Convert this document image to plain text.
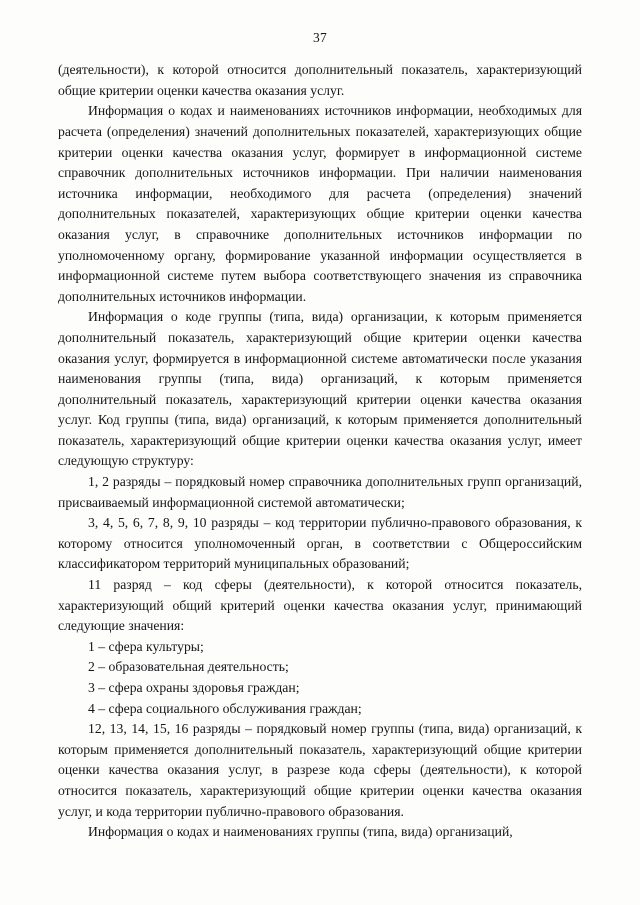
37

(деятельности), к которой относится дополнительный показатель, характеризующий общие критерии оценки качества оказания услуг.

Информация о кодах и наименованиях источников информации, необходимых для расчета (определения) значений дополнительных показателей, характеризующих общие критерии оценки качества оказания услуг, формирует в информационной системе справочник дополнительных источников информации. При наличии наименования источника информации, необходимого для расчета (определения) значений дополнительных показателей, характеризующих общие критерии оценки качества оказания услуг, в справочнике дополнительных источников информации по уполномоченному органу, формирование указанной информации осуществляется в информационной системе путем выбора соответствующего значения из справочника дополнительных источников информации.

Информация о коде группы (типа, вида) организации, к которым применяется дополнительный показатель, характеризующий общие критерии оценки качества оказания услуг, формируется в информационной системе автоматически после указания наименования группы (типа, вида) организаций, к которым применяется дополнительный показатель, характеризующий критерии оценки качества оказания услуг. Код группы (типа, вида) организаций, к которым применяется дополнительный показатель, характеризующий общие критерии оценки качества оказания услуг, имеет следующую структуру:

1, 2 разряды – порядковый номер справочника дополнительных групп организаций, присваиваемый информационной системой автоматически;

3, 4, 5, 6, 7, 8, 9, 10 разряды – код территории публично-правового образования, к которому относится уполномоченный орган, в соответствии с Общероссийским классификатором территорий муниципальных образований;

11 разряд – код сферы (деятельности), к которой относится показатель, характеризующий общий критерий оценки качества оказания услуг, принимающий следующие значения:

1 – сфера культуры;

2 – образовательная деятельность;

3 – сфера охраны здоровья граждан;

4 – сфера социального обслуживания граждан;

12, 13, 14, 15, 16 разряды – порядковый номер группы (типа, вида) организаций, к которым применяется дополнительный показатель, характеризующий общие критерии оценки качества оказания услуг, в разрезе кода сферы (деятельности), к которой относится показатель, характеризующий общие критерии оценки качества оказания услуг, и кода территории публично-правового образования.

Информация о кодах и наименованиях группы (типа, вида) организаций,
